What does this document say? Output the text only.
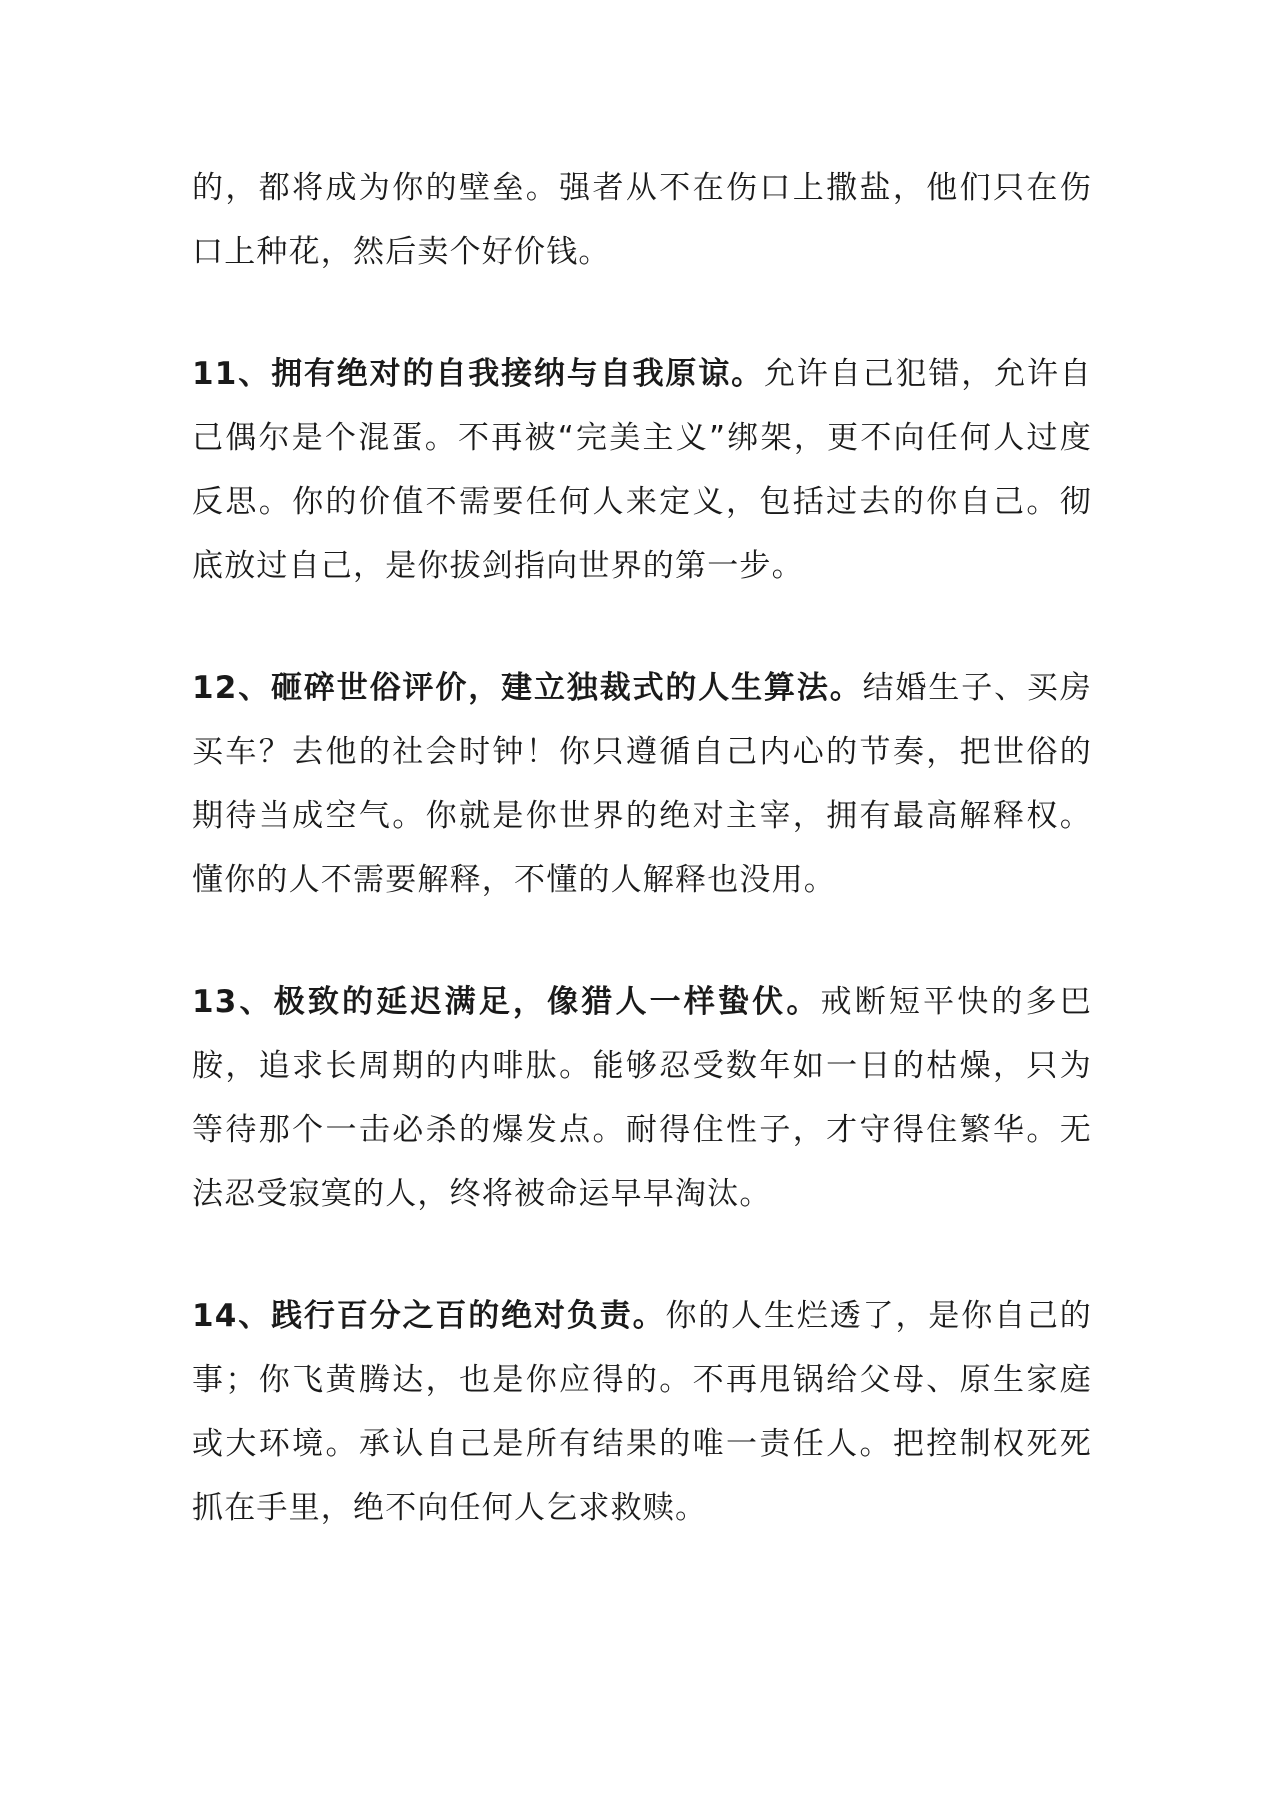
的，都将成为你的壁垒。强者从不在伤口上撒盐，他们只在伤口上种花，然后卖个好价钱。

11、拥有绝对的自我接纳与自我原谅。允许自己犯错，允许自己偶尔是个混蛋。不再被“完美主义”绑架，更不向任何人过度反思。你的价值不需要任何人来定义，包括过去的你自己。彻底放过自己，是你拔剑指向世界的第一步。

12、砸碎世俗评价，建立独裁式的人生算法。结婚生子、买房买车？去他的社会时钟！你只遵循自己内心的节奏，把世俗的期待当成空气。你就是你世界的绝对主宰，拥有最高解释权。懂你的人不需要解释，不懂的人解释也没用。

13、极致的延迟满足，像猎人一样蛰伏。戒断短平快的多巴胺，追求长周期的内啡肽。能够忍受数年如一日的枯燥，只为等待那个一击必杀的爆发点。耐得住性子，才守得住繁华。无法忍受寂寞的人，终将被命运早早淘汰。

14、践行百分之百的绝对负责。你的人生烂透了，是你自己的事；你飞黄腾达，也是你应得的。不再甩锅给父母、原生家庭或大环境。承认自己是所有结果的唯一责任人。把控制权死死抓在手里，绝不向任何人乞求救赎。
